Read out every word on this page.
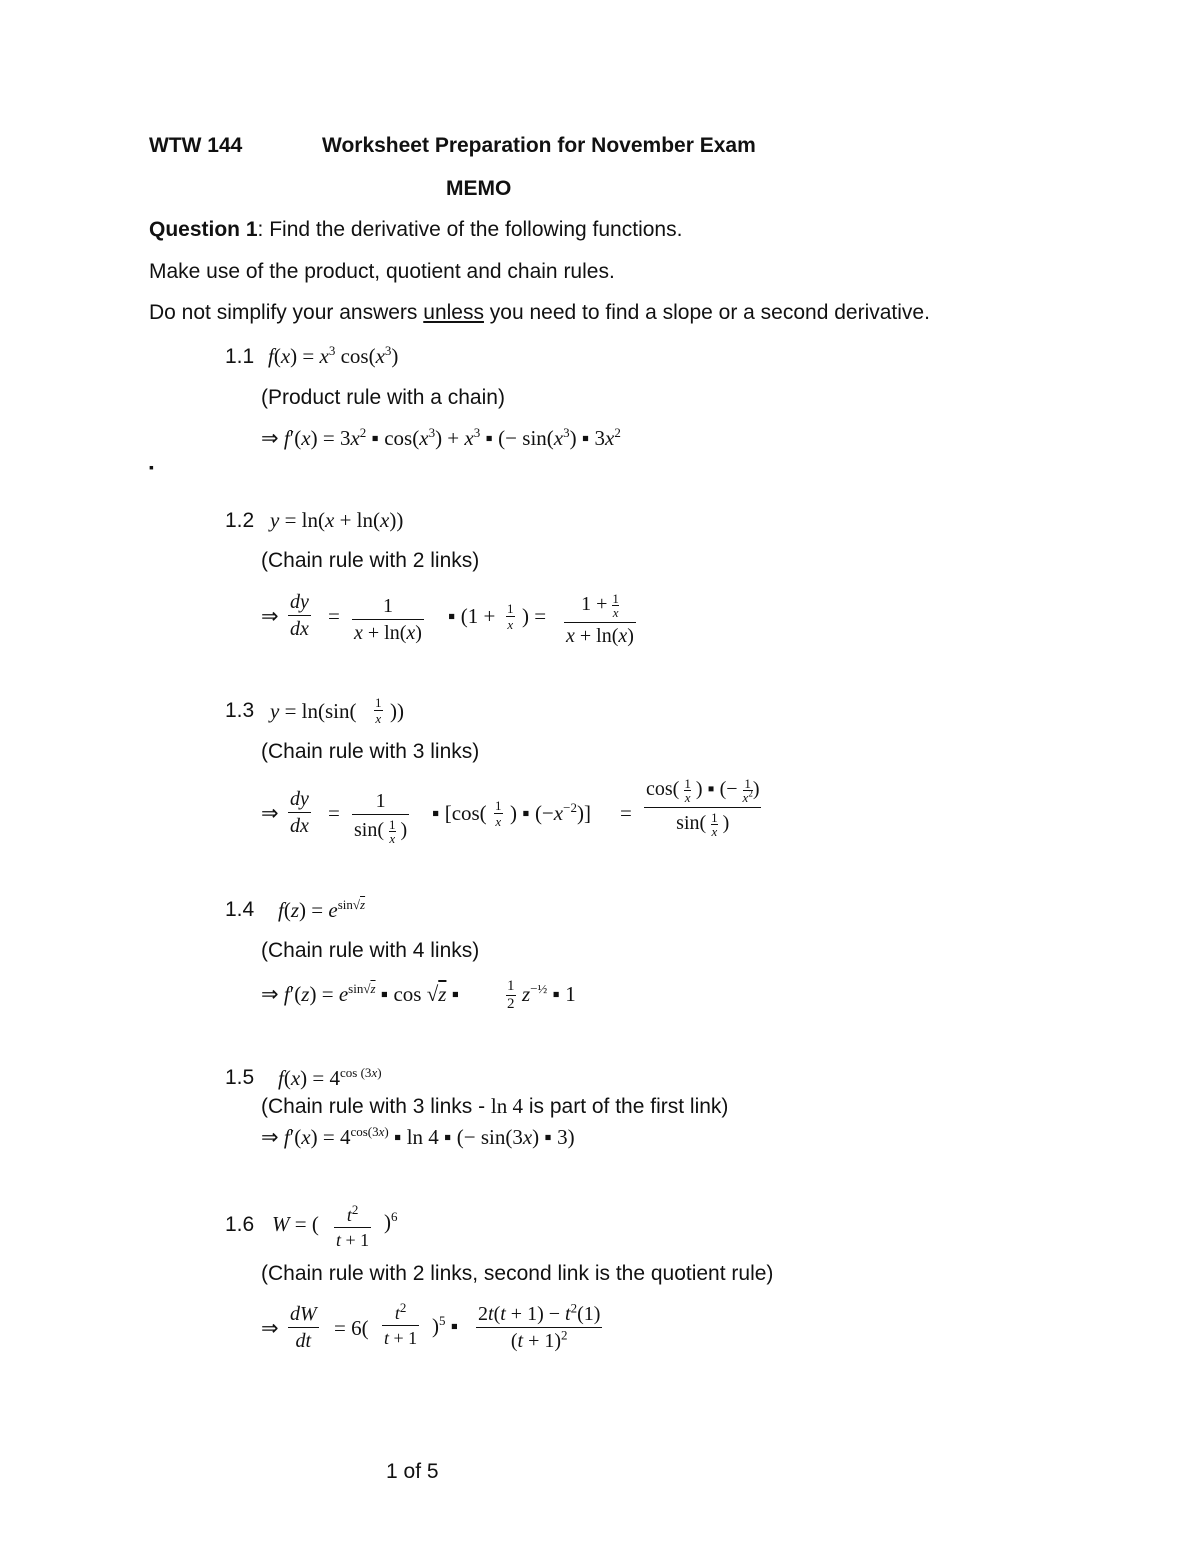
WTW 144	Worksheet Preparation for November Exam
MEMO
Question 1: Find the derivative of the following functions.
Make use of the product, quotient and chain rules.
Do not simplify your answers unless you need to find a slope or a second derivative.
1.1 $f(x) = x^3$ $\cos(x^3)$
(Product rule with a chain)
⇒ $f'(x) = 3x^2$ ▪ $\cos(x^3) + x^3$ ▪ (− $\sin(x^3)$ ▪ $3x^2$
▪
1.2 y = ln(x + ln(x))
(Chain rule with 2 links)
⇒ $\frac{dy}{dx} = \frac{1}{x + \ln(x)}$ ▪ ($1 + \frac{1}{x}$ ) = $\frac{1 + \frac{1}{x}}{x + \ln(x)}$
1.3 $y = \ln(\sin( \frac{1}{x}$ ))
(Chain rule with 3 links)
⇒ $\frac{dy}{dx} = \frac{1}{\sin( \frac{1}{x} )}$ ▪ [$\cos( \frac{1}{x}$ ) ▪ $(-x^{-2})] = \frac{\cos( \frac{1}{x} ) ▪ (- \frac{1}{x^2} )}{\sin( \frac{1}{x} )}$
1.4 $f(z) = e^{sin√z}$
(Chain rule with 4 links)
⇒ $f'(z) = e^{sin√z}$ ▪ cos √z ▪	$\frac{1}{2} z^{-\frac{1}{2}}$ ▪ 1
1.5 $f(x) = 4^{cos (3x)}$
(Chain rule with 3 links - ln 4 is part of the first link)
⇒ $f'(x) = 4^{cos(3x)}$ ▪ ln 4 ▪ (− sin(3x) ▪ 3)
1.6 W = ( $\frac{t^2}{t + 1} )^6$
(Chain rule with 2 links, second link is the quotient rule)
⇒ $\frac{dW}{dt} = 6( \frac{t^2}{t + 1} )^5$ ▪ $\frac{2t(t + 1) - t^2(1)}{(t + 1)^2}$
1 of 5
